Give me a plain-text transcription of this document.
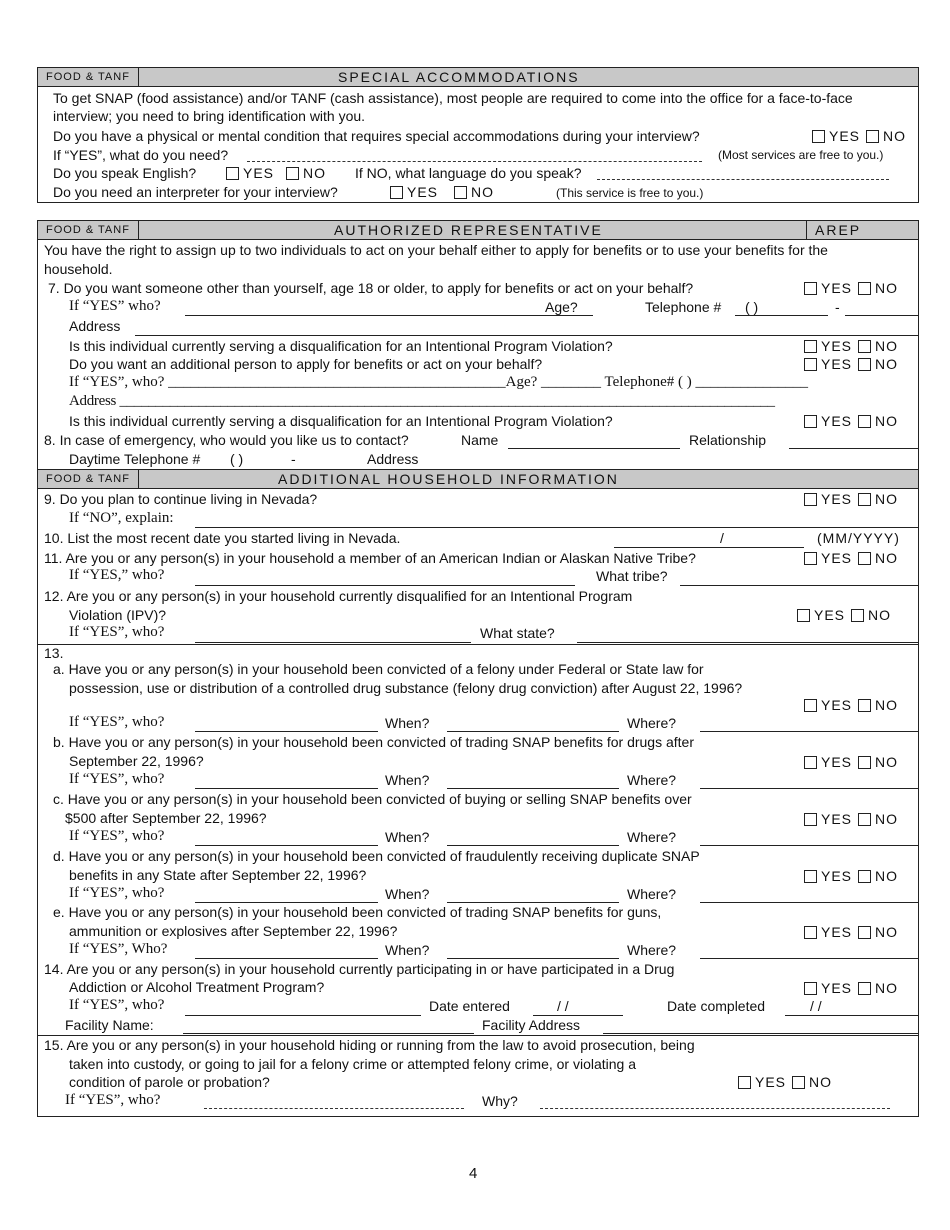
FOOD & TANF	SPECIAL ACCOMMODATIONS
To get SNAP (food assistance) and/or TANF (cash assistance), most people are required to come into the office for a face-to-face
interview; you need to bring identification with you.
Do you have a physical or mental condition that requires special accommodations during your interview?	YES NO
If “YES”, what do you need?	(Most services are free to you.)
Do you speak English?	YES NO If NO, what language do you speak?
Do you need an interpreter for your interview?	YES NO	(This service is free to you.)
FOOD & TANF	AUTHORIZED REPRESENTATIVE	AREP
You have the right to assign up to two individuals to act on your behalf either to apply for benefits or to use your benefits for the
household.
7. Do you want someone other than yourself, age 18 or older, to apply for benefits or act on your behalf?	YES NO
If “YES” who?	Age?	Telephone # ( )	-
Address
Is this individual currently serving a disqualification for an Intentional Program Violation?	YES NO
Do you want an additional person to apply for benefits or act on your behalf?	YES NO
If “YES”, who? _____________________________________________Age? ________ Telephone# ( ) _______________
Address ___________________________________________________________________________________________
Is this individual currently serving a disqualification for an Intentional Program Violation?	YES NO
8. In case of emergency, who would you like us to contact?	Name	Relationship
Daytime Telephone # ( )	-	Address
FOOD & TANF	ADDITIONAL HOUSEHOLD INFORMATION
9. Do you plan to continue living in Nevada?	YES NO
If “NO”, explain:
10. List the most recent date you started living in Nevada.	/	(MM/YYYY)
11. Are you or any person(s) in your household a member of an American Indian or Alaskan Native Tribe?	YES NO
If “YES,” who?	What tribe?
12. Are you or any person(s) in your household currently disqualified for an Intentional Program
Violation (IPV)?	YES NO
If “YES”, who?	What state?
13.
a. Have you or any person(s) in your household been convicted of a felony under Federal or State law for
possession, use or distribution of a controlled drug substance (felony drug conviction) after August 22, 1996?
YES NO
If “YES”, who?	When?	Where?
b. Have you or any person(s) in your household been convicted of trading SNAP benefits for drugs after
September 22, 1996?	YES NO
If “YES”, who?	When?	Where?
c. Have you or any person(s) in your household been convicted of buying or selling SNAP benefits over
$500 after September 22, 1996?	YES NO
If “YES”, who?	When?	Where?
d. Have you or any person(s) in your household been convicted of fraudulently receiving duplicate SNAP
benefits in any State after September 22, 1996?	YES NO
If “YES”, who?	When?	Where?
e. Have you or any person(s) in your household been convicted of trading SNAP benefits for guns,
ammunition or explosives after September 22, 1996?	YES NO
If “YES”, Who?	When?	Where?
14. Are you or any person(s) in your household currently participating in or have participated in a Drug
Addiction or Alcohol Treatment Program?	YES NO
If “YES”, who?	Date entered	/ /	Date completed	/ /
Facility Name:	Facility Address
15. Are you or any person(s) in your household hiding or running from the law to avoid prosecution, being
taken into custody, or going to jail for a felony crime or attempted felony crime, or violating a
condition of parole or probation?	YES NO
If “YES”, who?	Why?
4
